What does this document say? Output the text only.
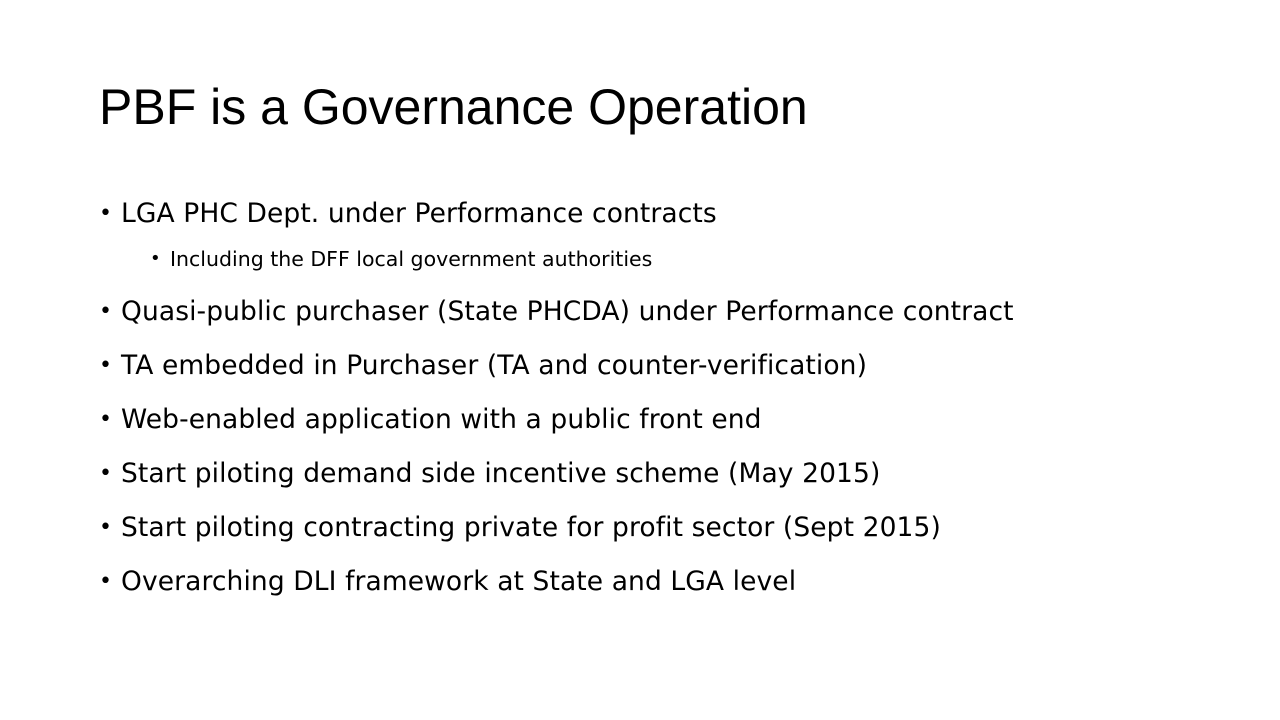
PBF is a Governance Operation
• LGA PHC Dept. under Performance contracts
• Including the DFF local government authorities
• Quasi-public purchaser (State PHCDA) under Performance contract
• TA embedded in Purchaser (TA and counter-verification)
• Web-enabled application with a public front end
• Start piloting demand side incentive scheme (May 2015)
• Start piloting contracting private for profit sector (Sept 2015)
• Overarching DLI framework at State and LGA level
